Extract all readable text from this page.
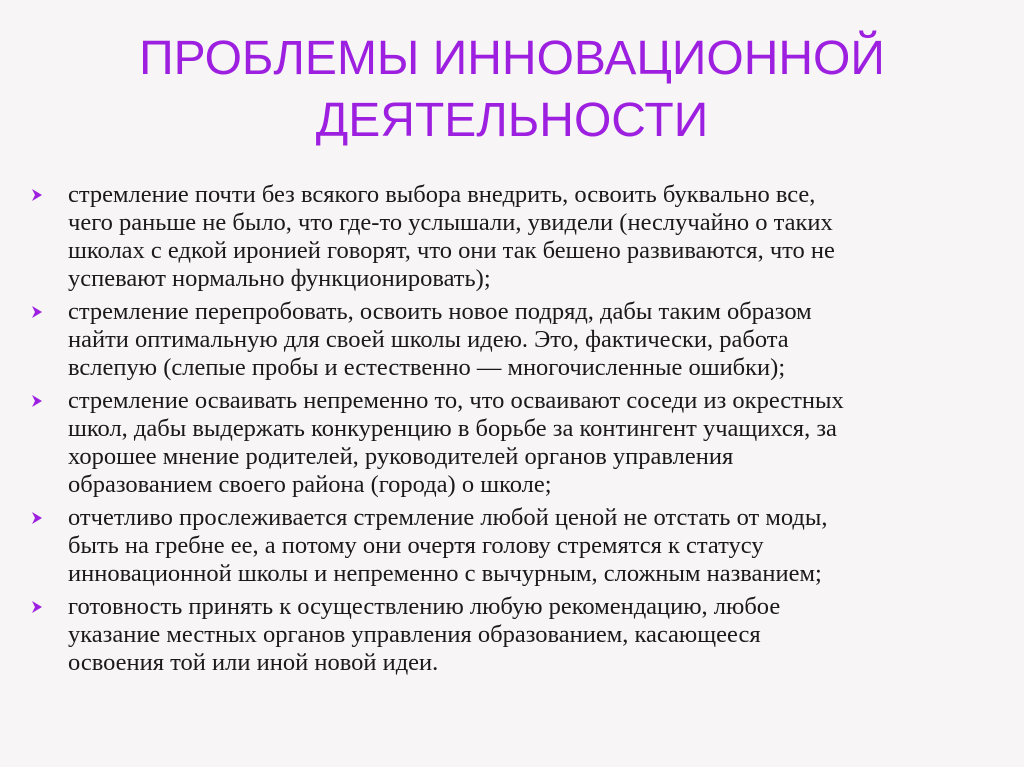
ПРОБЛЕМЫ ИННОВАЦИОННОЙ
ДЕЯТЕЛЬНОСТИ

стремление почти без всякого выбора внедрить, освоить буквально все,
чего раньше не было, что где-то услышали, увидели (неслучайно о таких
школах с едкой иронией говорят, что они так бешено развиваются, что не
успевают нормально функционировать);

стремление перепробовать, освоить новое подряд, дабы таким образом
найти оптимальную для своей школы идею. Это, фактически, работа
вслепую (слепые пробы и естественно — многочисленные ошибки);

стремление осваивать непременно то, что осваивают соседи из окрестных
школ, дабы выдержать конкуренцию в борьбе за контингент учащихся, за
хорошее мнение родителей, руководителей органов управления
образованием своего района (города) о школе;

отчетливо прослеживается стремление любой ценой не отстать от моды,
быть на гребне ее, а потому они очертя голову стремятся к статусу
инновационной школы и непременно с вычурным, сложным названием;

готовность принять к осуществлению любую рекомендацию, любое
указание местных органов управления образованием, касающееся
освоения той или иной новой идеи.
